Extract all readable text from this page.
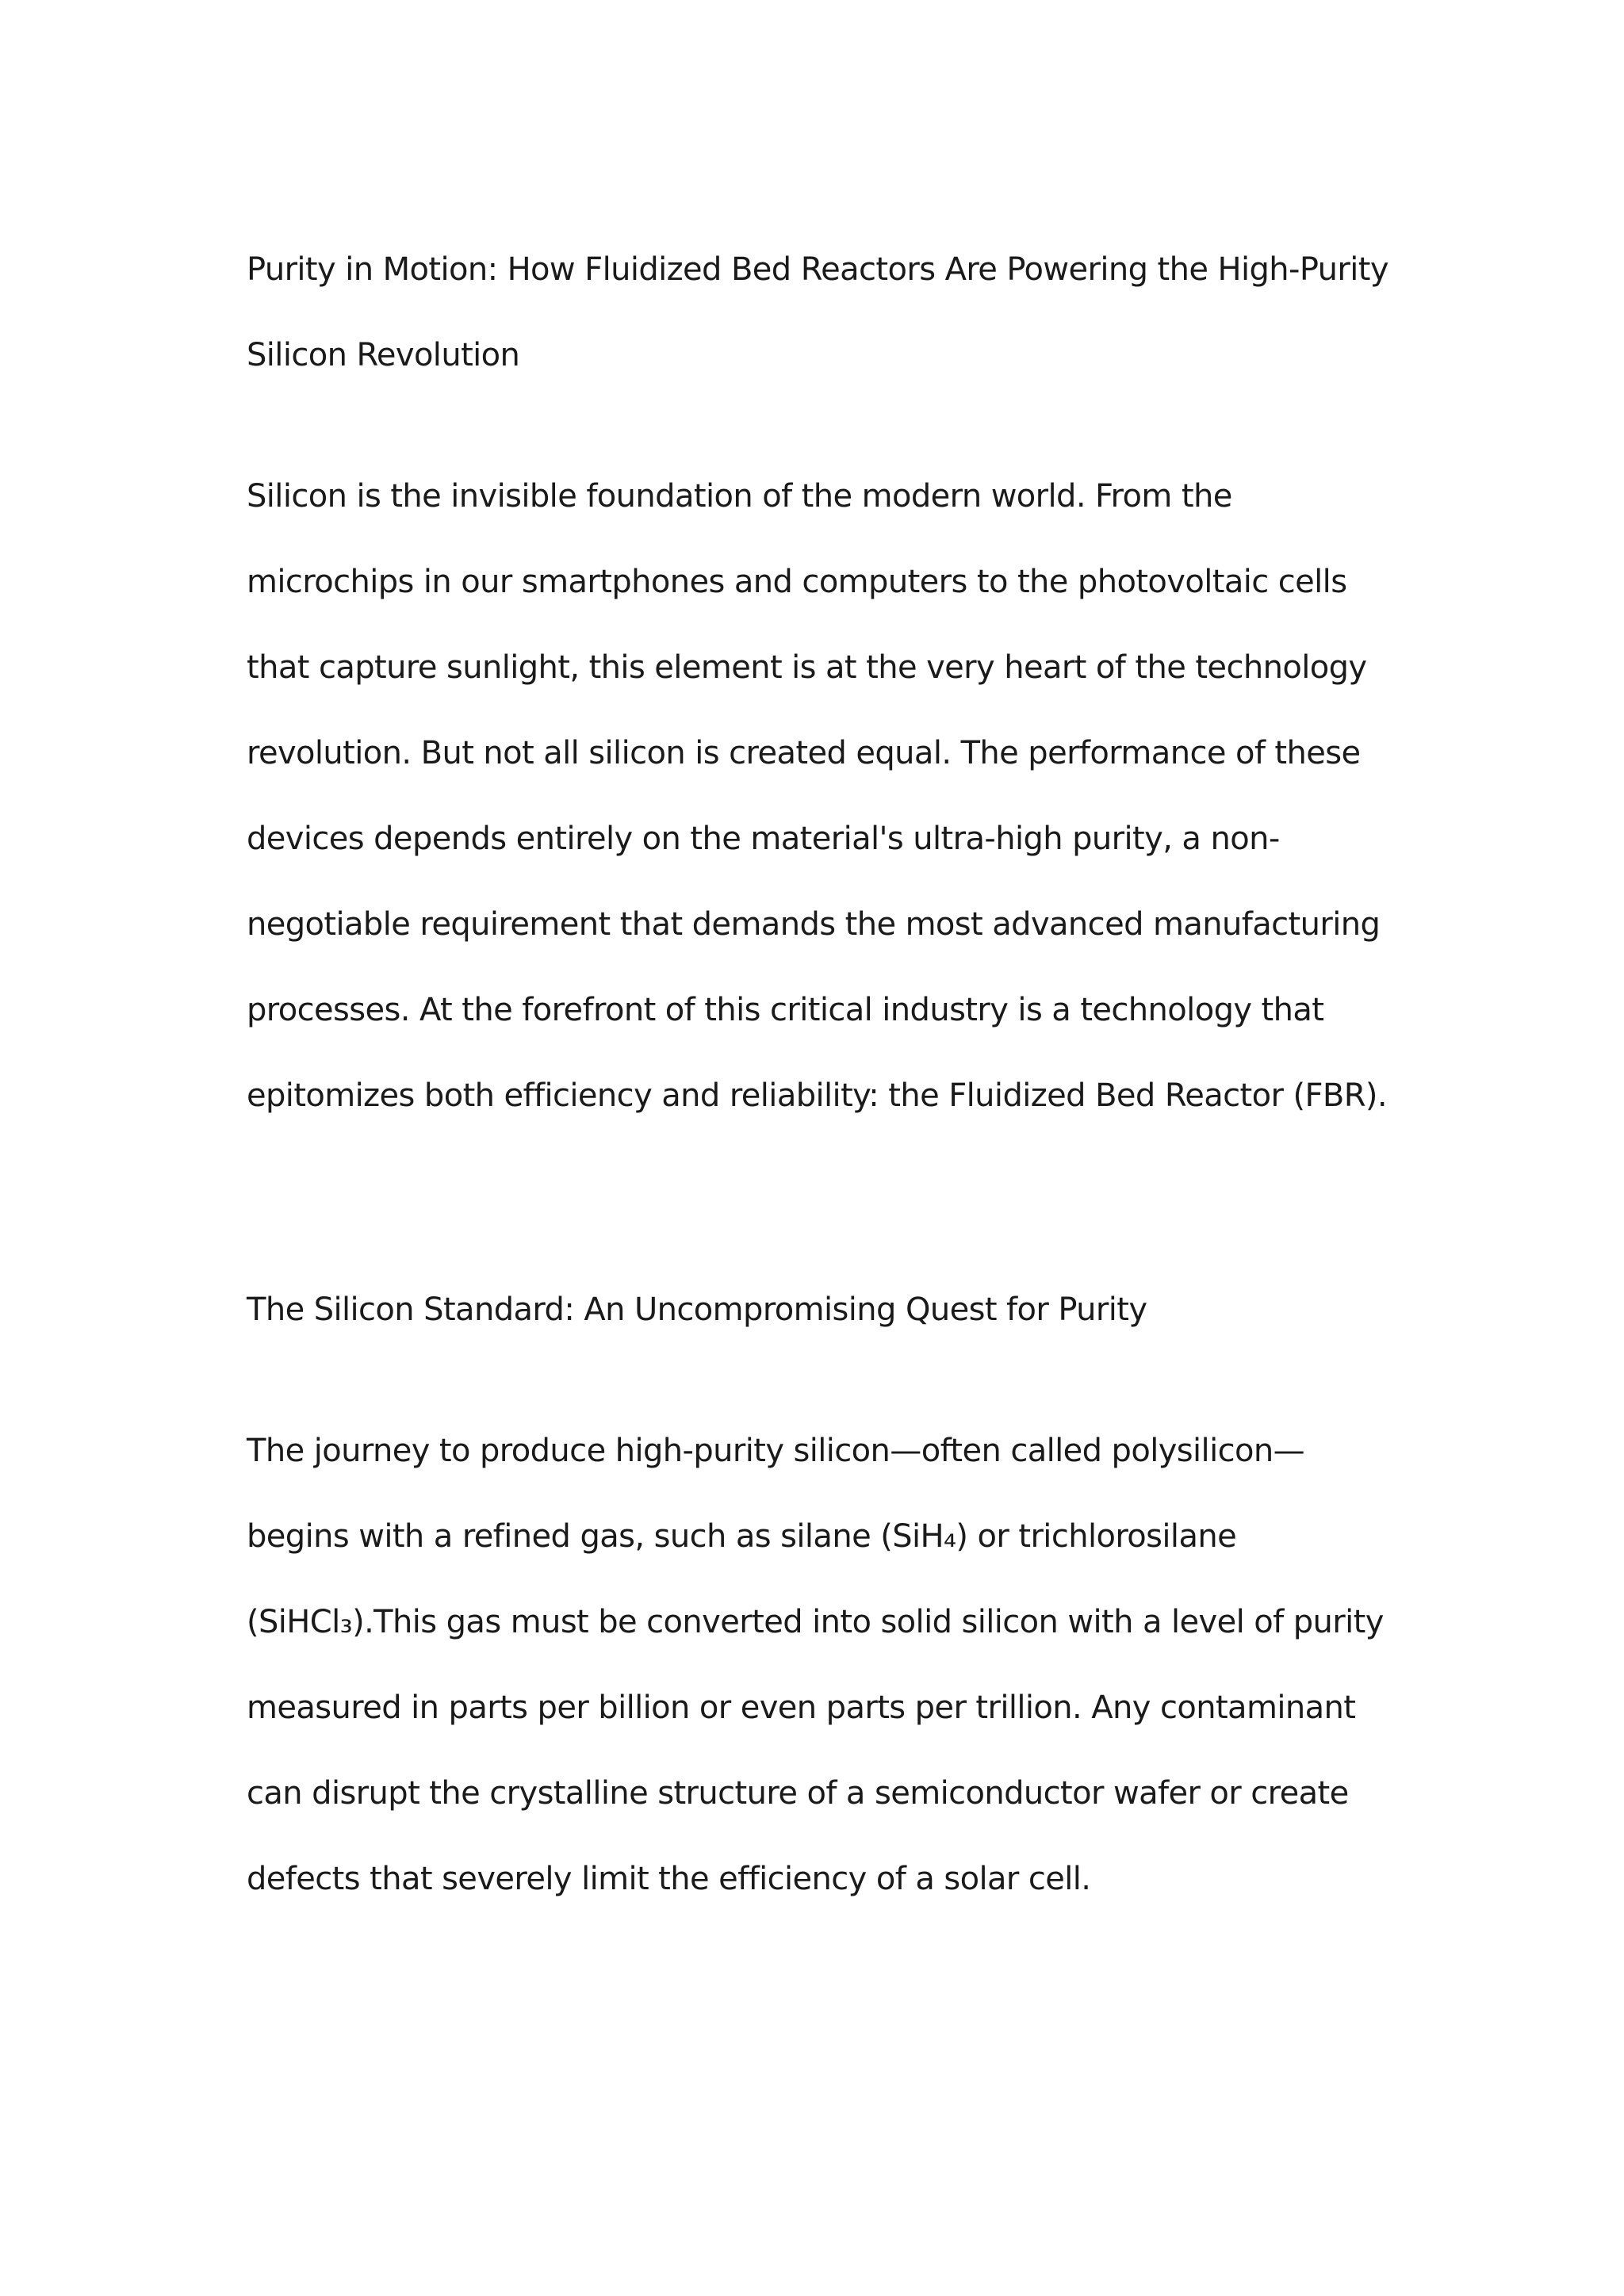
Purity in Motion: How Fluidized Bed Reactors Are Powering the High-Purity Silicon Revolution

Silicon is the invisible foundation of the modern world. From the microchips in our smartphones and computers to the photovoltaic cells that capture sunlight, this element is at the very heart of the technology revolution. But not all silicon is created equal. The performance of these devices depends entirely on the material's ultra-high purity, a non-negotiable requirement that demands the most advanced manufacturing processes. At the forefront of this critical industry is a technology that epitomizes both efficiency and reliability: the Fluidized Bed Reactor (FBR).

The Silicon Standard: An Uncompromising Quest for Purity

The journey to produce high-purity silicon—often called polysilicon—begins with a refined gas, such as silane (SiH₄) or trichlorosilane (SiHCl₃).This gas must be converted into solid silicon with a level of purity measured in parts per billion or even parts per trillion. Any contaminant can disrupt the crystalline structure of a semiconductor wafer or create defects that severely limit the efficiency of a solar cell.
